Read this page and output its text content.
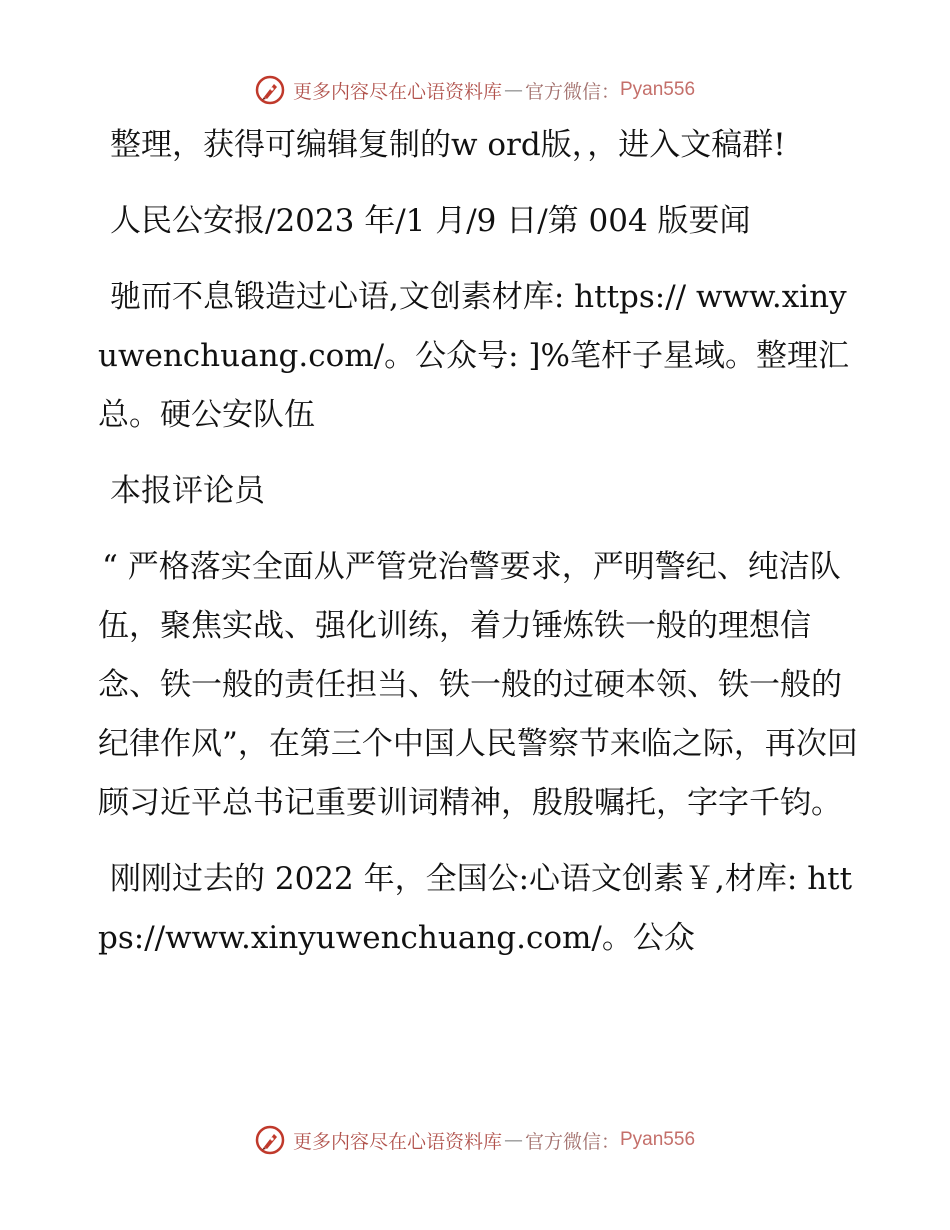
更多内容尽在心语资料库 — 官方微信： Pyan556

整理，获得可编辑复制的w ord版，，进入文稿群!

人民公安报/2023 年/1 月/9 日/第 004 版要闻

驰而不息锻造过心语,文创素材库: https:// www.xinyuwenchuang.com/。公众号: ]%笔杆子星域。整理汇总。硬公安队伍

本报评论员

“ 严格落实全面从严管党治警要求，严明警纪、纯洁队伍，聚焦实战、强化训练，着力锤炼铁一般的理想信念、铁一般的责任担当、铁一般的过硬本领、铁一般的纪律作风”，在第三个中国人民警察节来临之际，再次回顾习近平总书记重要训词精神，殷殷嘱托，字字千钧。

刚刚过去的 2022 年，全国公:心语文创素￥,材库: https://www.xinyuwenchuang.com/。公众

更多内容尽在心语资料库 — 官方微信： Pyan556
